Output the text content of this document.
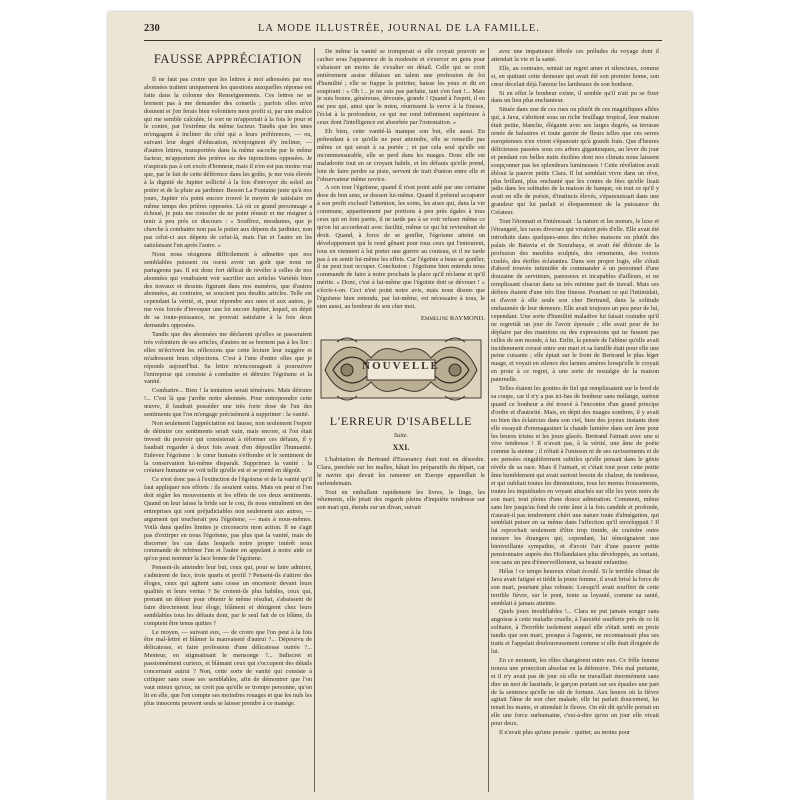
230	LA MODE ILLUSTRÉE, JOURNAL DE LA FAMILLE.
FAUSSE APPRÉCIATION

Il ne faut pas croire que les lettres à moi adressées par nos abonnées traitent uniquement les questions auxquelles réponse est faite dans la colonne des Renseignements. Ces lettres ne se bornent pas à me demander des conseils ; parfois elles m'en donnent et j'en ferais bien volontiers mon profit si, par une malice qui me semble calculée, le sort ne m'apportait à la fois le pour et le contre, par l'extrême du même facteur. Tandis que les unes m'engagent à incliner du côté qui a leurs préférences, — ou, suivant leur degré d'éducation, m'enjoignent d'y incliner, — d'autres lettres, transportées dans la même sacoche par le même facteur, m'apportent des prières ou des injonctions opposées. Je n'aspirais pas à cet excès d'honneur, mais il n'en est pas moins vrai que, par le fait de cette déférence dans les goûts, je me vois élevée à la dignité de Jupiter sollicité à la fois d'envoyer du soleil au potier et de la pluie au jardinier. Besoin La Fontaine juste qu'à nos jours, Jupiter n'a point encore trouvé le moyen de satisfaire en même temps des prières opposées. Là où ce grand personnage a échoué, je puis me consoler de ne point réussir et me résigner à tenir à peu près ce discours : « Souffrez, mesdames, que je cherche à combattre non pas le potier aux dépens du jardinier, non pas celui-ci aux dépens de celui-là, mais l'un et l'autre en les satisfaisant l'un après l'autre. »

Nous nous résignons difficilement à admettre que nos semblables puissent ou osent avoir un goût que nous ne partageons pas. Il est donc fort délicat de révéler à celles de nos abonnées qui voudraient voir sacrifier aux articles Variétés bien des travaux et dessins figurant dans nos numéros, que d'autres abonnées, au contraire, se soucient peu desdits articles. Telle est cependant la vérité, et, pour répondre aux unes et aux autres, je me vois forcée d'invoquer une loi encore Jupiter, lequel, en dépit de sa toute-puissance, ne pouvait satisfaire à la fois deux demandes opposées.

Tandis que des abonnées me déclarent qu'elles se passeraient très volontiers de ses articles, d'autres ne se bornent pas à les lire : elles m'écrivent les réflexions que cette lecture leur suggère et m'adressent leurs objections. C'est à l'une d'entre elles que je réponds aujourd'hui. Sa lettre m'encourageait à poursuivre l'entreprise qui consiste à combattre et détruire l'égoïsme et la vanité.

Combattre... Bien ! la tentation serait téméraire. Mais détruire !... C'est là que j'arrête notre abonnée. Pour entreprendre cette œuvre, il faudrait posséder une très forte dose de l'un des sentiments que l'on m'engage précisément à supprimer : la vanité.

Non seulement l'appréciation est fausse, non seulement l'espoir de détruire ces sentiments serait vain, mais encore, si l'on était investi du pouvoir qui consisterait à réformer ces défauts, il y faudrait regarder à deux fois avant d'en dépouiller l'humanité. Enlevez l'égoïsme : le cœur humain s'effondre et le sentiment de la conservation lui-même disparaît. Supprimez la vanité : la créature humaine se voit telle qu'elle est et se prend en dégoût.

Ce n'est donc pas à l'extinction de l'égoïsme et de la vanité qu'il faut appliquer nos efforts : ils seraient vains. Mais on peut et l'on doit régler les mouvements et les effets de ces deux sentiments. Quand on leur laisse la bride sur le cou, ils nous entraînent en des entreprises qui sont préjudiciables non seulement aux autres, — argument qui toucherait peu l'égoïsme, — mais à nous-mêmes. Voilà dans quelles limites je circonscris mon action. Il ne s'agit pas d'extirper en nous l'égoïsme, pas plus que la vanité, mais de discerner les cas dans lesquels notre propre intérêt nous commande de refréner l'un et l'autre en appelant à notre aide ce qu'on peut nommer la face bonne de l'égoïsme.

Pensent-ils atteindre leur but, ceux qui, pour se faire admirer, s'admirent de face, trois quarts et profil ? Pensent-ils s'attirer des éloges, ceux qui agitent sans cesse un encensoir devant leurs qualités et leurs vertus ? Se croient-ils plus habiles, ceux qui, prenant un détour pour obtenir le même résultat, s'abaissent de faire directement leur éloge, blâment et dénigrent chez leurs semblables tous les défauts dont, par le seul fait de ce blâme, ils comptent être tenus quittes ?

Le moyen, — suivant eux, — de croire que l'on peut à la fois être mal-lettré et blâmer la mauvaiseté d'autrui ?... Dépourvu de délicatesse, et faire profession d'une délicatesse outrée ?... Menteur, en stigmatisant le mensonge ?... Indiscret et passionnément curieux, et blâmant ceux qui s'occupent des détails concernant autrui ? Non, cette sorte de vanité qui consiste à critiquer sans cesse ses semblables, afin de démontrer que l'on vaut mieux qu'eux, ne croit pas qu'elle se trompe personne, qu'on lit en elle, que l'on compte ses moindres rouages et que les nuls les plus innocents peuvent seuls se laisser prendre à ce manège.

De même la vanité se tromperait si elle croyait pouvoir se cacher sous l'apparence de la modestie et s'exercer en gens pour s'abaisser un moins de s'exalter en détail. Celle qui se croit entièrement assise délaisse un talent une profession de foi d'humilité ; elle se frappe la poitrine, baisse les yeux et dit en soupirant : « Oh !... je ne suis pas parfaite, tant s'en faut !... Mais je suis bonne, généreuse, dévouée, grande ! Quand à l'esprit, il en est peu qui, ainsi que le mien, réunissent la verve à la finesse, l'éclat à la profondeur, ce qui me rend infiniment supérieure à ceux dont l'intelligence est absorbée par l'ostentation. »

Eh bien, cette vanité-là manque son but, elle aussi. En prétendant à ce qu'elle ne peut atteindre, elle se renseille pas même ce qui serait à sa portée ; et par cela seul qu'elle est incommensurable, elle se perd dans les nuages. Donc elle est maladroite tout en se croyant habile, et les défauts qu'elle prend, loin de faire perdre sa piste, servent de trait d'union entre elle et l'observateur même novice.

A son tour l'égoïsme, quand il n'est point aidé par une certaine dose de bon sens, se dessert lui-même. Quand il prétend accaparer à son profit exclusif l'attention, les soins, les aises qui, dans la vie commune, appartiennent par portions à peu près égales à tous ceux qui en font partie, il ne tarde pas à se voir refuser même ce qu'on lui accorderait avec facilité, même ce qui lui reviendrait de droit. Quand, à force de se gonfler, l'égoïsme atteint un développement qui le rend gênant pour tous ceux qui l'entourent, tous en viennent à lui porter une guerre au couteau, et il ne tarde pas à en sentir lui-même les effets. Car l'égoïste a beau se gonfler, il ne peut tout occuper. Conclusion : l'égoïsme bien entendu nous commande de faire à notre prochain la place qu'il réclame et qu'il mérite. « Donc, c'est à lui-même que l'égoïste doit se dévouer ! » s'écrie-t-on. Ceci n'est point notre avis, mais nous disons que l'égoïsme bien entendu, par lui-même, est nécessaire à tous, le sien aussi, au bonheur de son cher moi.

Emmeline RAYMOND.
NOUVELLE
L'ERREUR D'ISABELLE
Suite.
XXI.

L'habitation de Bertrand d'Esserancy était tout en désordre. Clara, penchée sur les malles, hâtait les préparatifs du départ, car le navire qui devait les ramener en Europe appareillait le surlendemain.

Tout en emballant rapidement les livres, le linge, les vêtements, elle jetait des regards pleins d'inquiète tendresse sur son mari qui, étendu sur un divan, suivait

avec une impatience fébrile ces préludes du voyage dont il attendait la vie et la santé.

Elle, au contraire, sentait un regret amer et silencieux, comme si, en quittant cette demeure qui avait été son premier home, son cœur décelait déjà l'amour les lambeaux de son bonheur.

Si en effet le bonheur existe, il semble qu'il n'ait pu se fixer dans un lieu plus enchanteur.

Située dans une de ces rues ou plutôt de ces magnifiques allées qui, à Java, s'abritent sous un riche feuillage tropical, leur maison était petite, blanche, élégante avec ses larges degrés, sa terrasse ornée de balustres et toute garnie de fleurs telles que ces serres européennes n'en virent s'épanouir qu'à grands frais. Que d'heures délicieuses passées sous ces arbres gigantesques, au lever du jour et pendant ces belles nuits étoilées dont nos climats nous laissent soupçonner pas les splendeurs lumineuses ! Cette révélation avait ébloui la pauvre petite Clara. Il lui semblait vivre dans un rêve, plus brillant, plus enchanté que les contes de fées qu'elle lisait jadis dans les solitudes de la maison de banque, où tout ce qu'il y avait en elle de poésie, d'instincts élevés, s'épanouissait dans une grandeur qui lui parlait si éloquemment de la puissance du Créateur.

Tout l'étonnait et l'intéressait : la nature et les mœurs, le luxe et l'étrangeté, les races diverses qui vivaient près d'elle. Elle avait été introduite dans quelques-unes des riches maisons ou plutôt des palais de Batavia et de Sourabaya, et avait été éblouie de la profusion des meubles sculptés, des ornements, des ivoires ciselés, des étoffes éclatantes. Dans son propre logis, elle s'était d'abord trouvée intimidée de commander à un personnel d'une douzaine de serviteurs, paresseux et incapables d'ailleurs, et ne remplissant chacun dans sa très minime part de travail. Mais ses défiers étaient d'une très fine finesse. Pourtant ce qui l'intimidait, et d'avoir à elle seule son cher Bertrand, dans la solitude embaumée de leur demeure. Elle avait toujours un peu peur de lui, cependant. Une sorte d'humilité maladive lui faisait craindre qu'il ne regrettât un jour de l'avoir épousée ; elle avait peur de lui déplaire par des manières ou des expressions qui ne fussent pas celles de son monde, à lui. Enfin, la pensée de l'abîme qu'elle avait incidemment creusé entre son mari et sa famille était pour elle une peine cuisante ; elle épiait sur le front de Bertrand le plus léger nuage, et voyait en silence des larmes amères lorsqu'elle le croyait en proie à ce regret, à une sorte de nostalgie de la maison paternelle.

Telles étaient les gouttes de fiel qui remplissaient sur le bord de sa coupe, car il n'y a pas ici-bas de bonheur sans mélange, surtout quand ce bonheur a été trouvé à l'encontre d'un grand principe d'ordre et d'autorité. Mais, en dépit des nuages sombres, il y avait eu bien des éclaircies dans son ciel, bien des joyeux instants dont elle essayait d'emmagasiner la chaude lumière dans son âme pour les heures tristes et les jours glacés. Bertrand l'aimait avec une si vive tendresse ! Il n'avait pas, à la vérité, une âme de poète comme la sienne ; il n'était à l'unisson ni de ses ravissements et de ses pensées singulièrement subtiles qu'elle pensait dans le génie révèle de sa race. Mais il l'aimait, et c'était tout pour cette petite âme humblement qui avait surtout besoin de chaleur, de tendresse, et qui oubliait toutes les diminutions, tous les menus froissements, toutes les inquiétudes en voyant attachés sur elle les yeux noirs de son mari, tout pleins d'une douce admiration. Comment, même sans lire jusqu'au fond de cette âme à la fois candide et profonde, n'aurait-il pas tendrement chéri une nature toute d'abnégation, qui semblait puiser en sa même dans l'affection qu'il enveloppait ! Il lui reprochait seulement d'être trop timide, de craindre outre mesure les étrangers qui, cependant, lui témoignaient une bienveillante sympathie, et d'avoir l'air d'une pauvre petite pensionnaire auprès des Hollandaises plus développés, au sortant, son sans un peu d'émerveillement, sa beauté enfantine.

Hélas ! ce temps heureux s'était écoulé. Si le terrible climat de Java avait fatigué et tiédit la jeune femme, il avait brisé la force de son mari, pourtant plus robuste. Lorsqu'il avait souffert de cette terrible fièvre, sur le pont, tonte sa loyauté, comme sa santé, semblait à jamais atteinte.

Quels jours inoubliables !... Clara ne put jamais songer sans angoisse à cette maladie cruelle, à l'anxiété soufferte près de ce lit solitaire, à l'horrible isolement auquel elle s'était senti en proie tandis que son mari, presque à l'agonie, ne reconnaissait plus ses traits et l'appelait douloureusement comme si elle était éloignée de lui.

En ce moment, les rôles changèrent entre eux. Ce frêle femme trouva une protection absolue en la défensive. Très mal portante, et il n'y avait pas de jour où elle ne travaillait énormément sans dire un mot de lassitude, le garçon portant sur ses épaules une part de la sentence qu'elle ne sût de fortune. Aux heures où la fièvre agitait l'âme de son cher malade, elle lui parlait doucement, lui tenait les mains, et attendait le fleuve. On eût dit qu'elle portait en elle une force surhumaine, c'est-à-dire qu'en un jour elle vivait pour deux.

Il n'avait plus qu'une pensée : quitter, au moins pour
